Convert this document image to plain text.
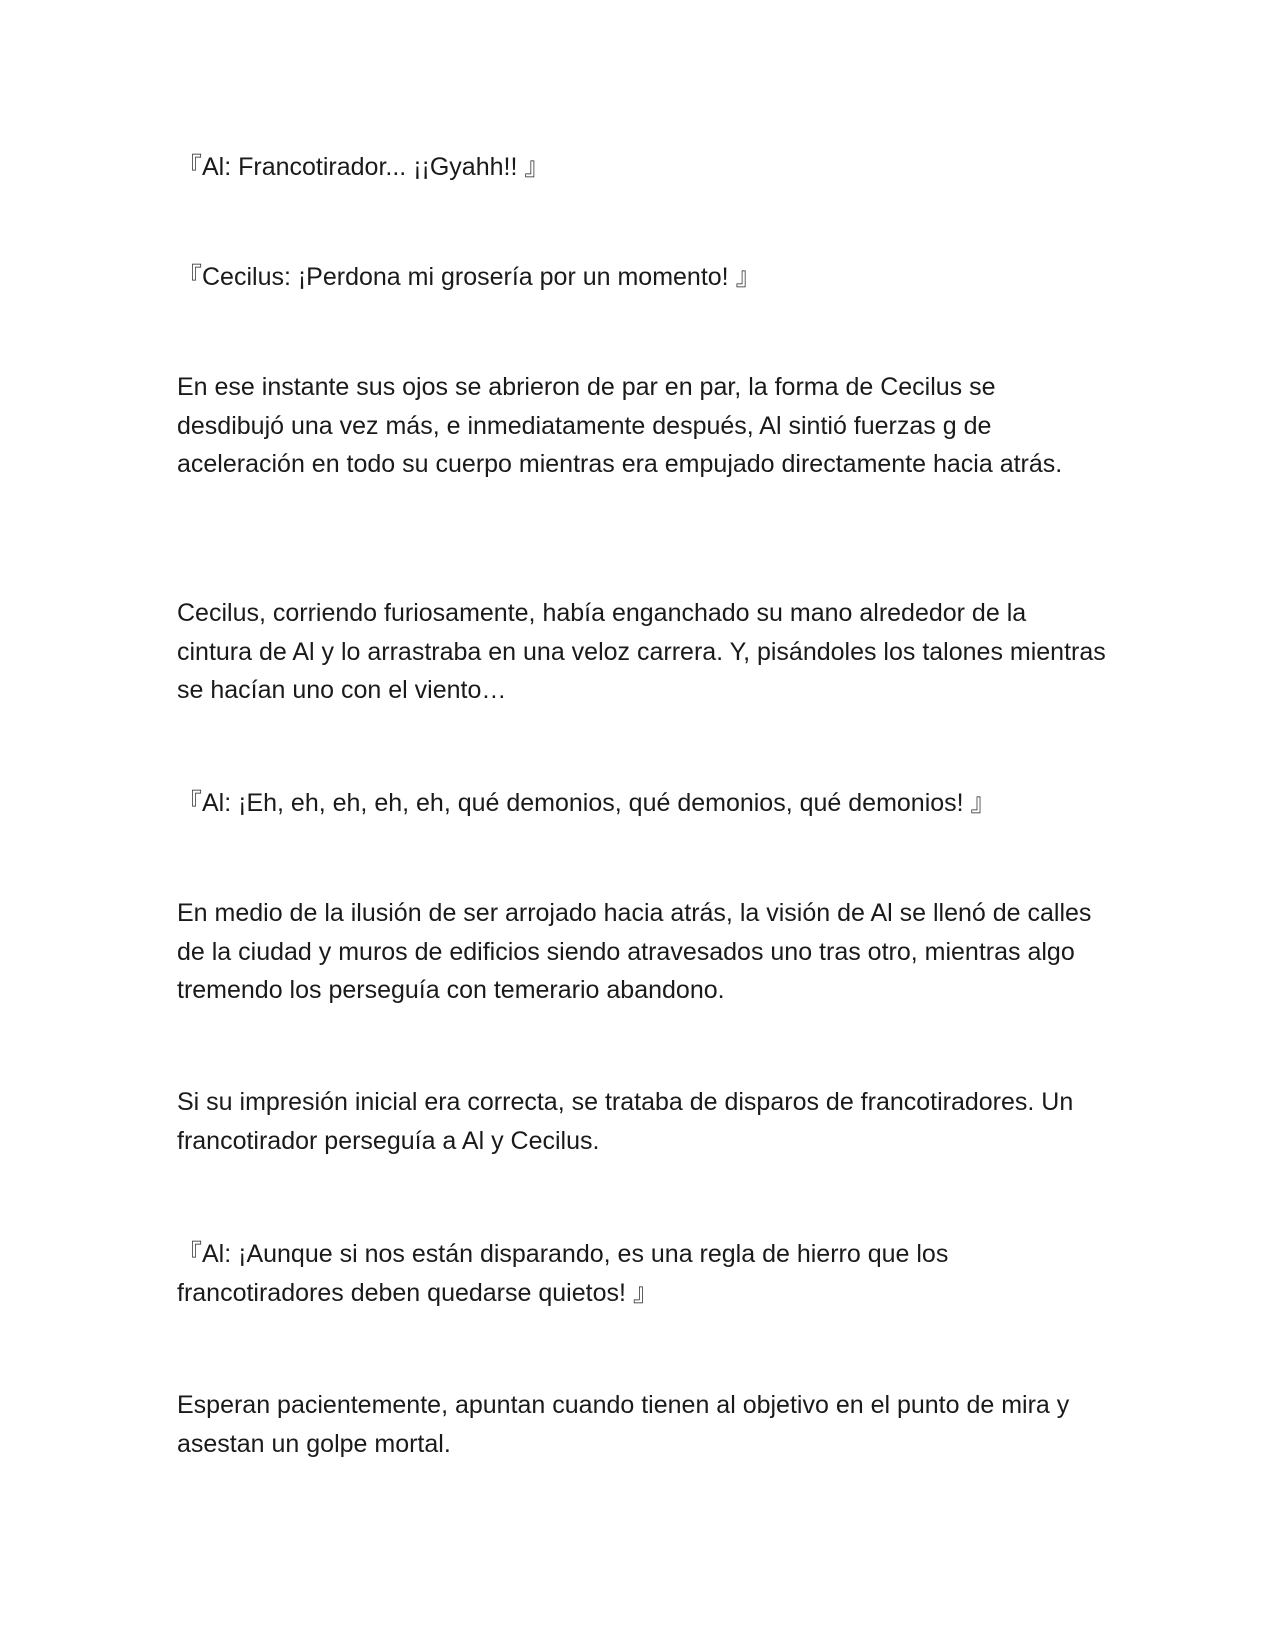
『Al: Francotirador... ¡¡Gyahh!! 』

『Cecilus: ¡Perdona mi grosería por un momento! 』

En ese instante sus ojos se abrieron de par en par, la forma de Cecilus se desdibujó una vez más, e inmediatamente después, Al sintió fuerzas g de aceleración en todo su cuerpo mientras era empujado directamente hacia atrás.

Cecilus, corriendo furiosamente, había enganchado su mano alrededor de la cintura de Al y lo arrastraba en una veloz carrera. Y, pisándoles los talones mientras se hacían uno con el viento…

『Al: ¡Eh, eh, eh, eh, eh, qué demonios, qué demonios, qué demonios! 』

En medio de la ilusión de ser arrojado hacia atrás, la visión de Al se llenó de calles de la ciudad y muros de edificios siendo atravesados uno tras otro, mientras algo tremendo los perseguía con temerario abandono.

Si su impresión inicial era correcta, se trataba de disparos de francotiradores. Un francotirador perseguía a Al y Cecilus.

『Al: ¡Aunque si nos están disparando, es una regla de hierro que los francotiradores deben quedarse quietos! 』

Esperan pacientemente, apuntan cuando tienen al objetivo en el punto de mira y asestan un golpe mortal.
